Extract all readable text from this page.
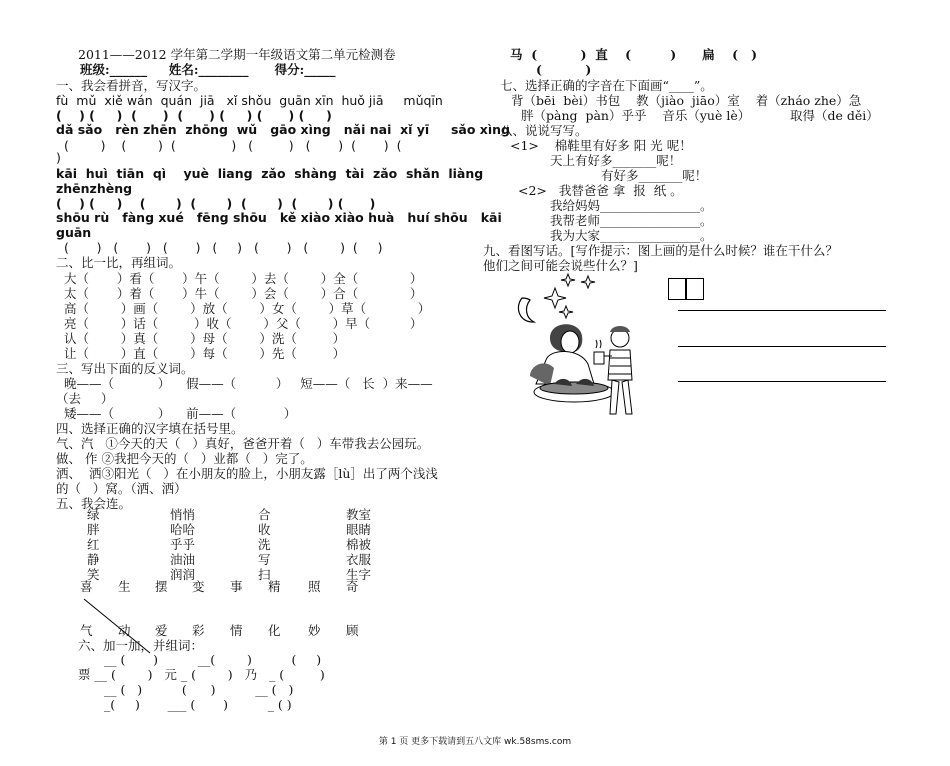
2011——2012 学年第二学期一年级语文第二单元检测卷
班级:______     姓名:________      得分:_____
一、我会看拼音，写汉字。
fù  mǔ  xiě wán  quán  jiā   xǐ shǒu  guān xīn  huǒ jiā     mǔqīn
(    ) (     )  (      )  (      ) (     ) (      ) (     )
dǎ sǎo   rèn zhēn  zhōng  wǔ   gāo xìng   nǎi nai  xǐ yī     sǎo xìng
(        )    (        )  (              )   (         )   (       )  (       )  (
)
kāi  huì  tiān  qì    yuè  liang  zǎo  shàng  tài  zǎo  shǎn  liàng
zhēnzhèng
(    ) (     )    (       )  (       )  (       )  (       ) (      )
shōu rù   fàng xué   fēng shōu   kě xiào xiào huà   huí shōu   kāi
guān
(       )   (       )   (       )   (     )   (       )   (        )  (     )
二、比一比，再组词。
大（       ）看（       ）午（        ）去（        ）全（             ）
太（       ）着（       ）牛（        ）会（        ）合（             ）
高（        ）画（        ）放（        ）女（        ）草（             ）
亮（        ）话（         ）收（        ）父（        ）早（          ）
认（        ）真（        ）母（        ）洗（         ）
让（        ）直（        ）每（        ）先（         ）
三、写出下面的反义词。
晚——（           ）    假——（          ）   短——（   长  ）来——
（去     ）
矮——（           ）    前——（            ）
四、选择正确的汉字填在括号里。
气、汽   ①今天的天（   ）真好，爸爸开着（   ）车带我去公园玩。
做、 作 ②我把今天的（   ）业都（   ）完了。
洒、  洒③阳光（   ）在小朋友的脸上，小朋友露［lù］出了两个浅浅
的（   ）窝。（洒、洒）
五、我会连。
绿	悄悄	合	教室
胖	哈哈	收	眼睛
红	乎乎	洗	棉被
静	油油	写	衣服
笑	润润	扫	生字
喜 生 摆 变 事 精 照 奇
气 动 爱 彩 情 化 妙 顾
六、加一加，并组词：
__ (       )          __(        )          (     )
票 __ (        )   元 _ (        )   乃   _ (         )
__ (   )          (      )          __ (   )
_(     )       ___ (       )          _ ( )
马  (          )  直    (         )      扁    (   )
(          )
七、选择正确的字音在下面画“____”。
背（bēi  bèi）书包    教（jiào  jiāo）室    着（zháo zhe）急
胖（pàng  pàn）乎乎    音乐（yuè lè）          取得（de děi）
八、说说写写。
<1>    棉鞋里有好多 阳 光 呢！
天上有好多_______呢！
有好多_______呢！
<2>   我替爸爸 拿  报  纸 。
我给妈妈________________。
我帮老师________________。
我为大家________________。
九、看图写话。[写作提示：图上画的是什么时候？谁在干什么？
他们之间可能会说些什么？]
第 1 页 更多下载请到五八文库 wk.58sms.com
